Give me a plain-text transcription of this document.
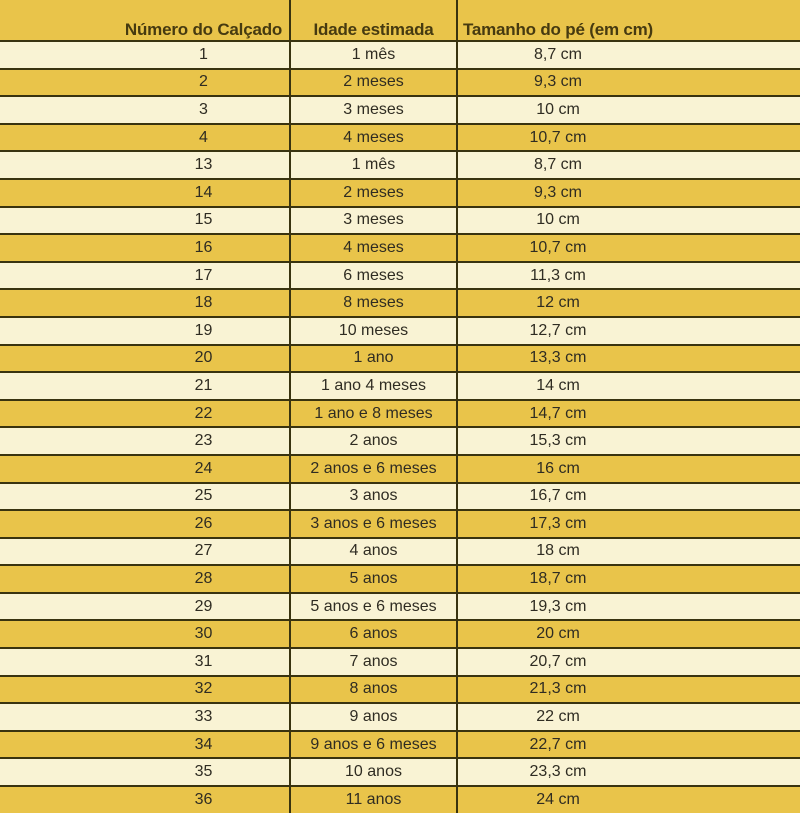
Número do Calçado	Idade estimada	Tamanho do pé (em cm)
1	1 mês	8,7 cm
2	2 meses	9,3 cm
3	3 meses	10 cm
4	4 meses	10,7 cm
13	1 mês	8,7 cm
14	2 meses	9,3 cm
15	3 meses	10 cm
16	4 meses	10,7 cm
17	6 meses	11,3 cm
18	8 meses	12 cm
19	10 meses	12,7 cm
20	1 ano	13,3 cm
21	1 ano 4 meses	14 cm
22	1 ano e 8 meses	14,7 cm
23	2 anos	15,3 cm
24	2 anos e 6 meses	16 cm
25	3 anos	16,7 cm
26	3 anos e 6 meses	17,3 cm
27	4 anos	18 cm
28	5 anos	18,7 cm
29	5 anos e 6 meses	19,3 cm
30	6 anos	20 cm
31	7 anos	20,7 cm
32	8 anos	21,3 cm
33	9 anos	22 cm
34	9 anos e 6 meses	22,7 cm
35	10 anos	23,3 cm
36	11 anos	24 cm
